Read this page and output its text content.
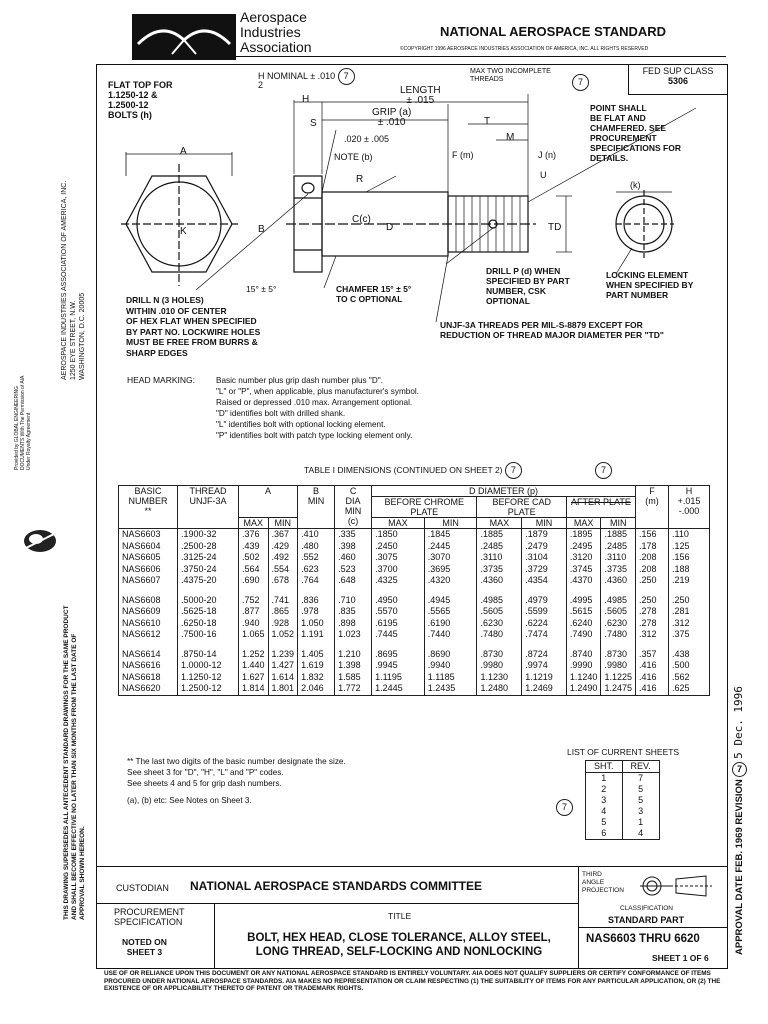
AEROSPACE INDUSTRIES ASSOCIATION OF AMERICA, INC.
1250 EYE STREET, N.W.
WASHINGTON, D.C. 20005
Provided by GLOBAL ENGINEERING
DOCUMENTS With The Permission of AIA
Under Royalty Agreement
THIS DRAWING SUPERSEDES ALL ANTECEDENT STANDARD DRAWINGS FOR THE SAME PRODUCT
AND SHALL BECOME EFFECTIVE NO LATER THAN SIX MONTHS FROM THE LAST DATE OF
APPROVAL SHOWN HEREON.	APPROVAL DATE FEB. 1969 REVISION 7 5 Dec. 1996
Aerospace
Industries
Association
NATIONAL AEROSPACE STANDARD
©COPYRIGHT 1996 AEROSPACE INDUSTRIES ASSOCIATION OF AMERICA, INC. ALL RIGHTS RESERVED
FED SUP CLASS
5306
FLAT TOP FOR
1.1250-12 &
1.2500-12
BOLTS (h)
H NOMINAL ± .010 7
2
H
S
LENGTH
± .015
GRIP (a)
± .010
.020 ± .005
MAX TWO INCOMPLETE
THREADS	7
POINT SHALL
BE FLAT AND
CHAMFERED. SEE
PROCUREMENT
SPECIFICATIONS FOR
DETAILS.
NOTE (b)
A
K	B
R
C(c)
D
T
M
F (m)	J (n)
U
TD
(k)
15° ± 5°	CHAMFER 15° ± 5°
TO C OPTIONAL
DRILL P (d) WHEN
SPECIFIED BY PART
NUMBER, CSK
OPTIONAL
LOCKING ELEMENT
WHEN SPECIFIED BY
PART NUMBER
DRILL N (3 HOLES)
WITHIN .010 OF CENTER
OF HEX FLAT WHEN SPECIFIED
BY PART NO. LOCKWIRE HOLES
MUST BE FREE FROM BURRS &
SHARP EDGES
UNJF-3A THREADS PER MIL-S-8879 EXCEPT FOR
REDUCTION OF THREAD MAJOR DIAMETER PER "TD"
HEAD MARKING:	Basic number plus grip dash number plus "D".
"L" or "P", when applicable, plus manufacturer's symbol.
Raised or depressed .010 max. Arrangement optional.
"D" identifies bolt with drilled shank.
"L" identifies bolt with optional locking element.
"P" identifies bolt with patch type locking element only.
TABLE I DIMENSIONS (CONTINUED ON SHEET 2) 7	7
BASIC NUMBER
**	THREAD UNJF-3A	A		B
MIN	C
DIA MIN
(c)	D DIAMETER (p)						F
(m)	H
+.015 -.000
						BEFORE CHROME PLATE		BEFORE CAD PLATE		AFTER PLATE			
		MAX	MIN			MAX	MIN	MAX	MIN	MAX	MIN		
NAS6603	.1900-32	.376	.367	.410	.335	.1850	.1845	.1885	.1879	.1895	.1885	.156	.110
NAS6604	.2500-28	.439	.429	.480	.398	.2450	.2445	.2485	.2479	.2495	.2485	.178	.125
NAS6605	.3125-24	.502	.492	.552	.460	.3075	.3070	.3110	.3104	.3120	.3110	.208	.156
NAS6606	.3750-24	.564	.554	.623	.523	.3700	.3695	.3735	.3729	.3745	.3735	.208	.188
NAS6607	.4375-20	.690	.678	.764	.648	.4325	.4320	.4360	.4354	.4370	.4360	.250	.219

NAS6608	.5000-20	.752	.741	.836	.710	.4950	.4945	.4985	.4979	.4995	.4985	.250	.250
NAS6609	.5625-18	.877	.865	.978	.835	.5570	.5565	.5605	.5599	.5615	.5605	.278	.281
NAS6610	.6250-18	.940	.928	1.050	.898	.6195	.6190	.6230	.6224	.6240	.6230	.278	.312
NAS6612	.7500-16	1.065	1.052	1.191	1.023	.7445	.7440	.7480	.7474	.7490	.7480	.312	.375

NAS6614	.8750-14	1.252	1.239	1.405	1.210	.8695	.8690	.8730	.8724	.8740	.8730	.357	.438
NAS6616	1.0000-12	1.440	1.427	1.619	1.398	.9945	.9940	.9980	.9974	.9990	.9980	.416	.500
NAS6618	1.1250-12	1.627	1.614	1.832	1.585	1.1195	1.1185	1.1230	1.1219	1.1240	1.1225	.416	.562
NAS6620	1.2500-12	1.814	1.801	2.046	1.772	1.2445	1.2435	1.2480	1.2469	1.2490	1.2475	.416	.625
** The last two digits of the basic number designate the size.
See sheet 3 for "D", "H", "L" and "P" codes.
See sheets 4 and 5 for grip dash numbers.
(a), (b) etc: See Notes on Sheet 3.
LIST OF CURRENT SHEETS
7
SHT.	REV.
1	7
2	5
3	5
4	3
5	1
6	4
CUSTODIAN NATIONAL AEROSPACE STANDARDS COMMITTEE
THIRD
ANGLE
PROJECTION
PROCUREMENT
SPECIFICATION
NOTED ON
SHEET 3
TITLE
BOLT, HEX HEAD, CLOSE TOLERANCE, ALLOY STEEL,
LONG THREAD, SELF-LOCKING AND NONLOCKING
CLASSIFICATION
STANDARD PART
NAS6603 THRU 6620
SHEET 1 OF 6
USE OF OR RELIANCE UPON THIS DOCUMENT OR ANY NATIONAL AEROSPACE STANDARD IS ENTIRELY VOLUNTARY. AIA DOES NOT QUALIFY SUPPLIERS OR CERTIFY CONFORMANCE OF ITEMS PROCURED UNDER NATIONAL AEROSPACE STANDARDS. AIA MAKES NO REPRESENTATION OR CLAIM RESPECTING (1) THE SUITABILITY OF ITEMS FOR ANY PARTICULAR APPLICATION, OR (2) THE EXISTENCE OF OR APPLICABILITY THERETO OF PATENT OR TRADEMARK RIGHTS.
